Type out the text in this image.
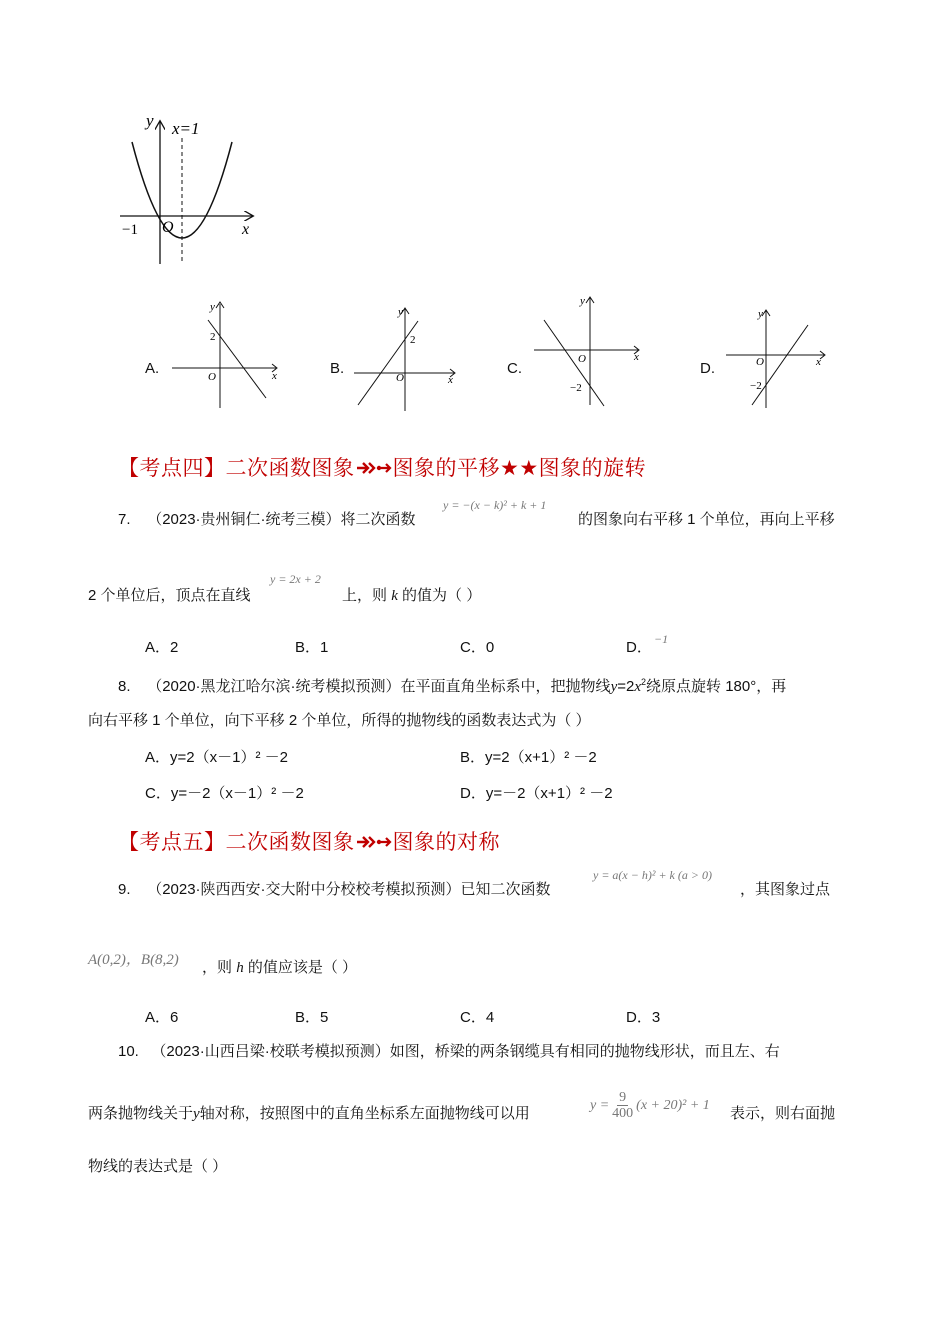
y x=1
−1 O	x
A.
y
2
O	x	B.
y
2
O	x
C.
y
O
−2
x
D.
y
O
−2
x
【考点四】二次函数图象 图象的平移★★图象的旋转
7. （2023·贵州铜仁·统考三模）将二次函数
y = −(x − k)² + k + 1
的图象向右平移 1 个单位，再向上平移
2 个单位后，顶点在直线
y = 2x + 2
上，则 k 的值为（ ）
A．2	B．1	C．0	D． −1
8. （2020·黑龙江哈尔滨·统考模拟预测）在平面直角坐标系中，把抛物线$y=2x^2$绕原点旋转 180°，再
向右平移 1 个单位，向下平移 2 个单位，所得的抛物线的函数表达式为（ ）
A．y=2（x－1）² －2	B．y=2（x+1）² －2
C．y=－2（x－1）² －2	D．y=－2（x+1）² －2
【考点五】二次函数图象 图象的对称
9. （2023·陕西西安·交大附中分校校考模拟预测）已知二次函数
y = a(x − h)² + k (a > 0)
，其图象过点
A(0,2)，B(8,2) ，则 h 的值应该是（ ）
A．6	B．5	C．4	D．3
10. （2023·山西吕梁·校联考模拟预测）如图，桥梁的两条钢缆具有相同的抛物线形状，而且左、右
两条抛物线关于y轴对称，按照图中的直角坐标系左面抛物线可以用	$y = \frac{9}{400} (x + 20)^2 + 1$ 表示，则右面抛
物线的表达式是（ ）
